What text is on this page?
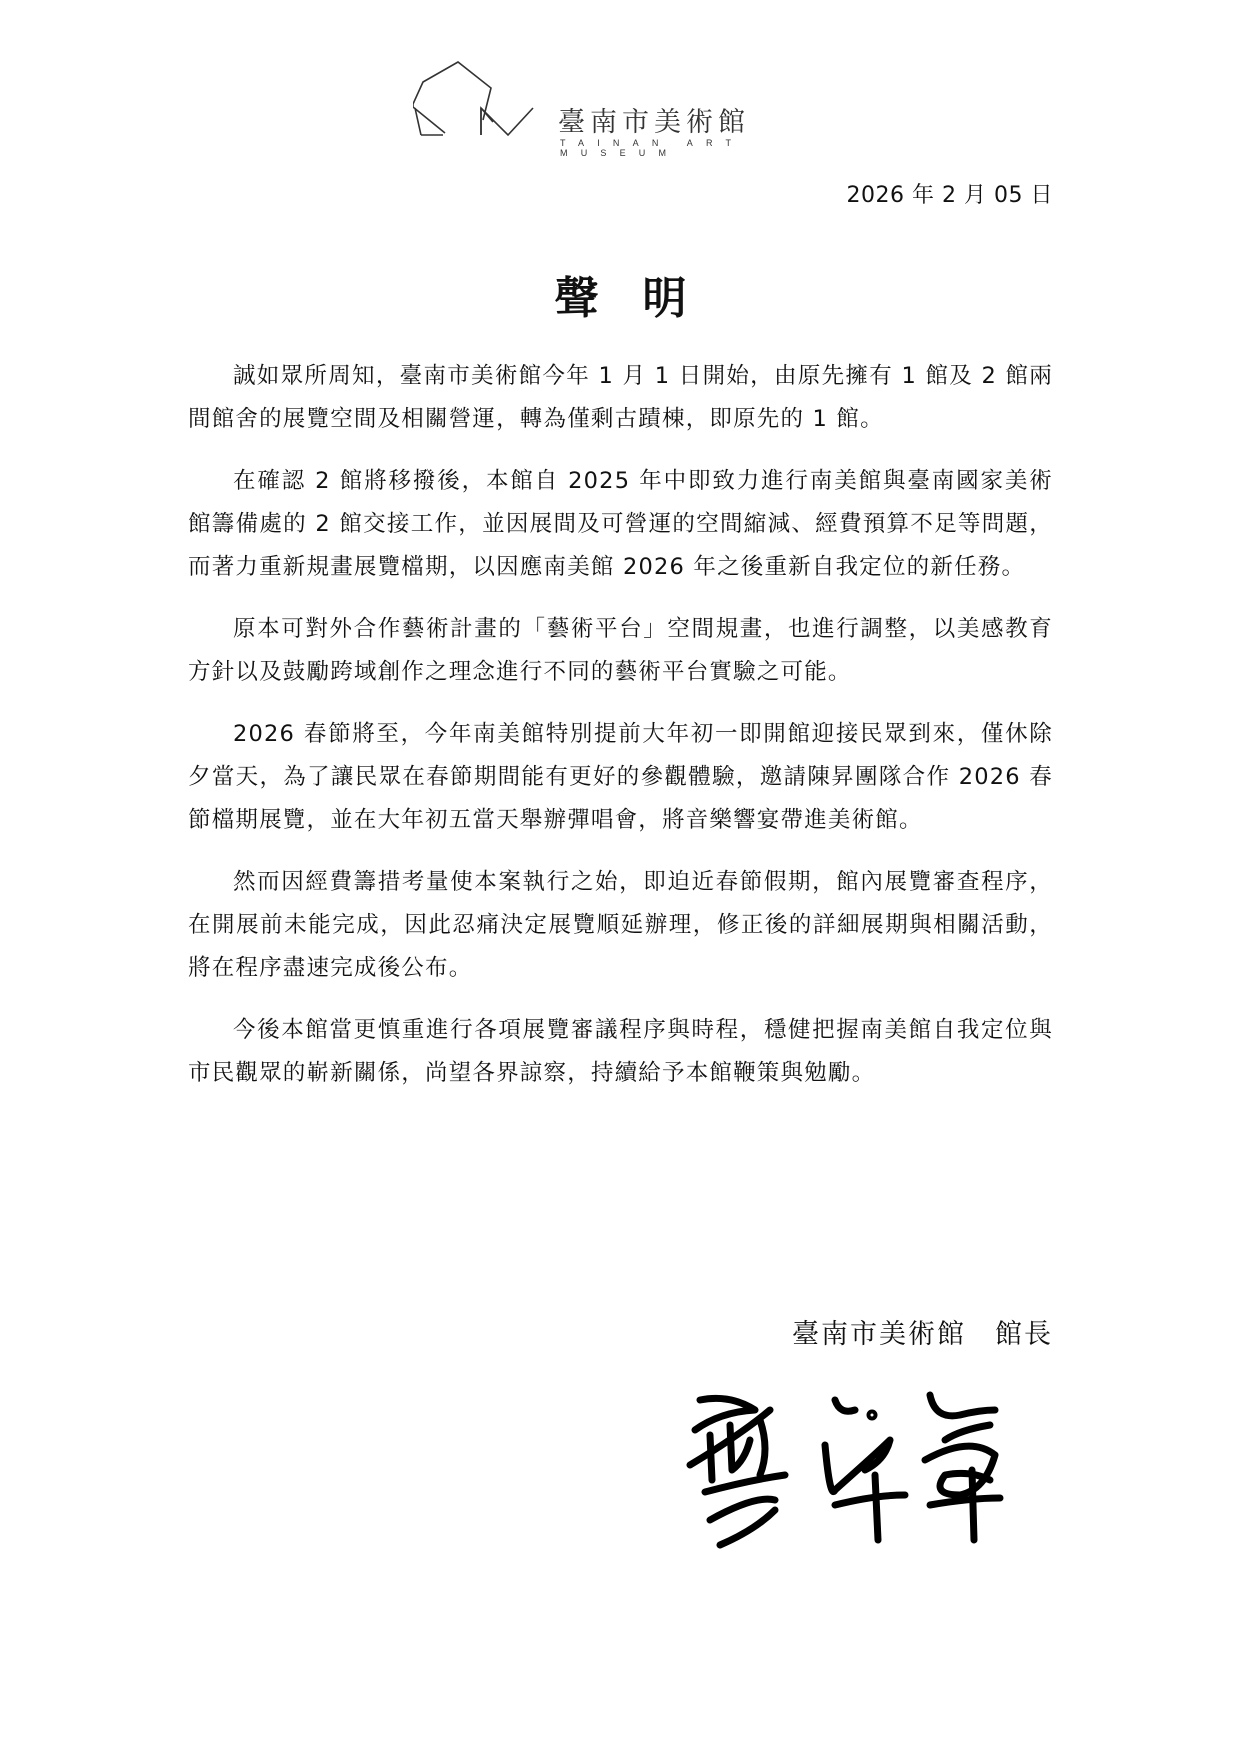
臺南市美術館
TAINAN ART MUSEUM
2026 年 2 月 05 日
聲明

誠如眾所周知，臺南市美術館今年 1 月 1 日開始，由原先擁有 1 館及 2 館兩間館舍的展覽空間及相關營運，轉為僅剩古蹟棟，即原先的 1 館。

在確認 2 館將移撥後，本館自 2025 年中即致力進行南美館與臺南國家美術館籌備處的 2 館交接工作，並因展間及可營運的空間縮減、經費預算不足等問題，而著力重新規畫展覽檔期，以因應南美館 2026 年之後重新自我定位的新任務。

原本可對外合作藝術計畫的「藝術平台」空間規畫，也進行調整，以美感教育方針以及鼓勵跨域創作之理念進行不同的藝術平台實驗之可能。

2026 春節將至，今年南美館特別提前大年初一即開館迎接民眾到來，僅休除夕當天，為了讓民眾在春節期間能有更好的參觀體驗，邀請陳昇團隊合作 2026 春節檔期展覽，並在大年初五當天舉辦彈唱會，將音樂響宴帶進美術館。

然而因經費籌措考量使本案執行之始，即迫近春節假期，館內展覽審查程序，在開展前未能完成，因此忍痛決定展覽順延辦理，修正後的詳細展期與相關活動，將在程序盡速完成後公布。

今後本館當更慎重進行各項展覽審議程序與時程，穩健把握南美館自我定位與市民觀眾的嶄新關係，尚望各界諒察，持續給予本館鞭策與勉勵。

臺南市美術館　館長
